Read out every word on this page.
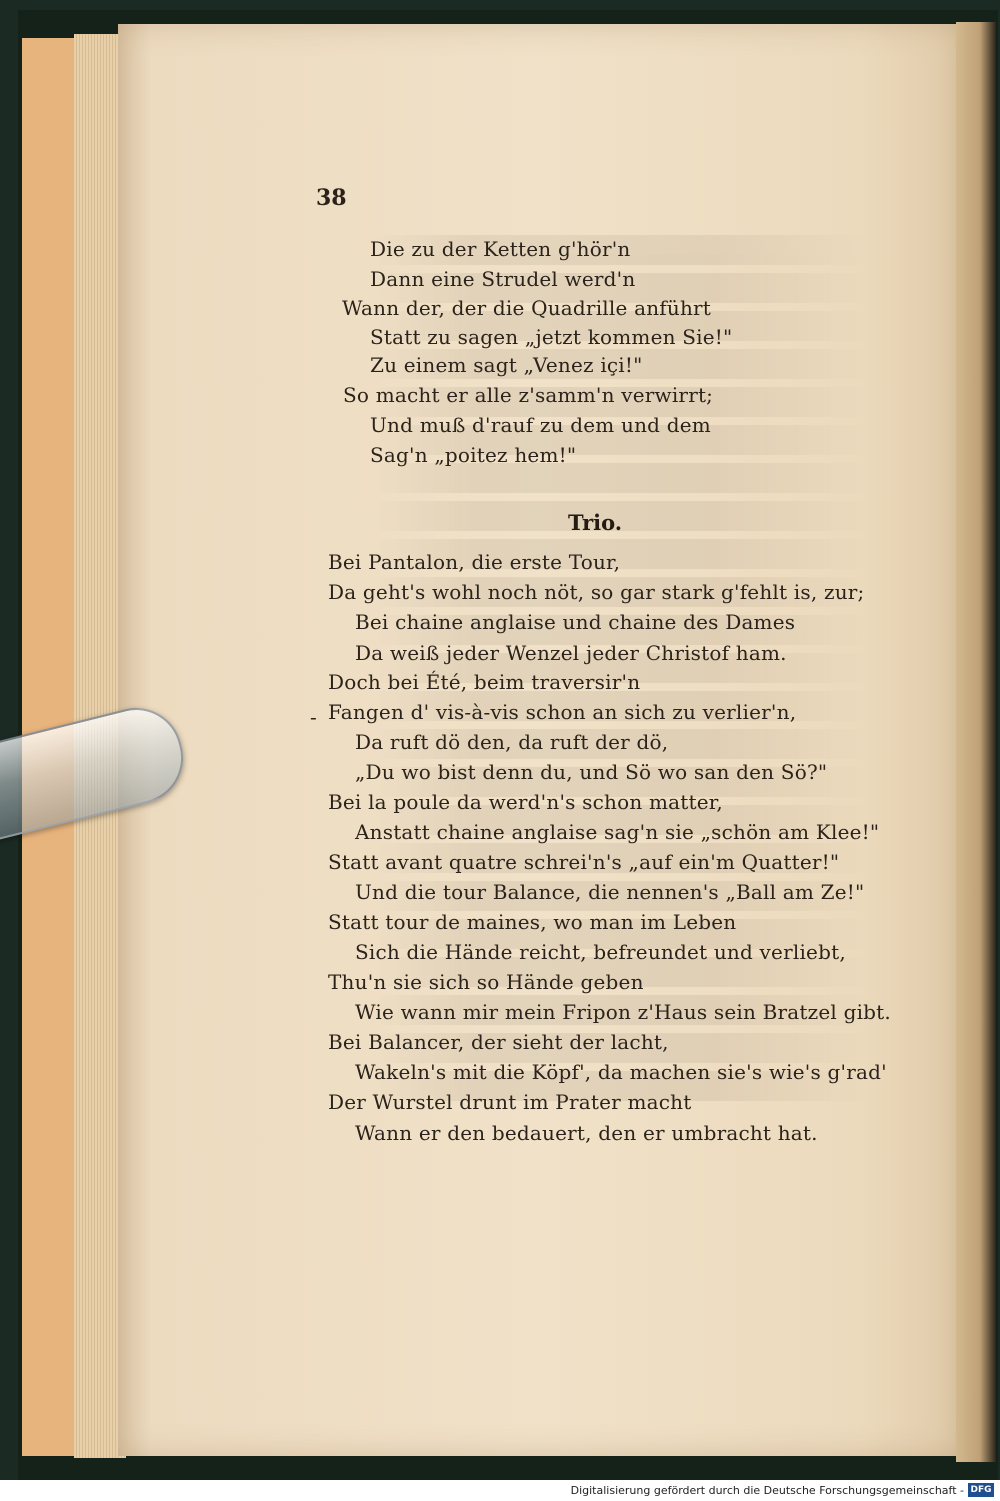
38
Die zu der Ketten g'hör'n
Dann eine Strudel werd'n
Wann der, der die Quadrille anführt
Statt zu sagen „jetzt kommen Sie!"
Zu einem sagt „Venez içi!"
So macht er alle z'samm'n verwirrt;
Und muß d'rauf zu dem und dem
Sag'n „poitez hem!"
Bei Pantalon, die erste Tour,
Da geht's wohl noch nöt, so gar stark g'fehlt is, zur;
Bei chaine anglaise und chaine des Dames
Da weiß jeder Wenzel jeder Christof ham.
Doch bei Été, beim traversir'n
Fangen d' vis-à-vis schon an sich zu verlier'n,
Da ruft dö den, da ruft der dö,
„Du wo bist denn du, und Sö wo san den Sö?"
Bei la poule da werd'n's schon matter,
Anstatt chaine anglaise sag'n sie „schön am Klee!"
Statt avant quatre schrei'n's „auf ein'm Quatter!"
Und die tour Balance, die nennen's „Ball am Ze!"
Statt tour de maines, wo man im Leben
Sich die Hände reicht, befreundet und verliebt,
Thu'n sie sich so Hände geben
Wie wann mir mein Fripon z'Haus sein Bratzel gibt.
Bei Balancer, der sieht der lacht,
Wakeln's mit die Köpf', da machen sie's wie's g'rad'
Der Wurstel drunt im Prater macht
Wann er den bedauert, den er umbracht hat.
Trio.
-
Digitalisierung gefördert durch die Deutsche Forschungsgemeinschaft - DFG
